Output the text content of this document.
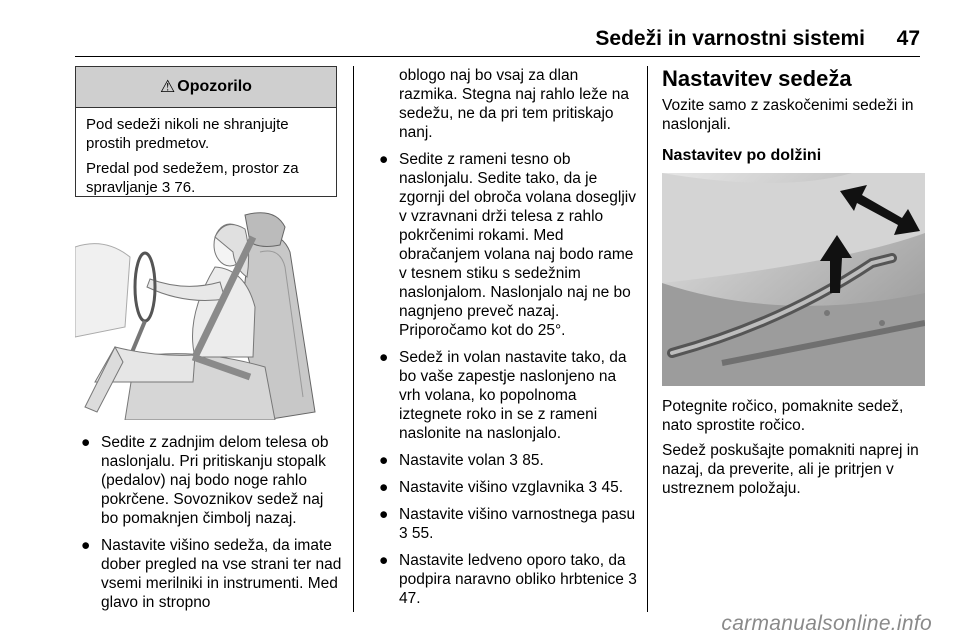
Sedeži in varnostni sistemi 47
⚠ Opozorilo

Pod sedeži nikoli ne shranjujte prostih predmetov.

Predal pod sedežem, prostor za spravljanje 3 76.

● Sedite z zadnjim delom telesa ob naslonjalu. Pri pritiskanju stopalk (pedalov) naj bodo noge rahlo pokrčene. Sovoznikov sedež naj bo pomaknjen čimbolj nazaj.
● Nastavite višino sedeža, da imate dober pregled na vse strani ter nad vsemi merilniki in instrumenti. Med glavo in stropno
oblogo naj bo vsaj za dlan razmika. Stegna naj rahlo ležе na sedežu, ne da pri tem pritiskajo nanj.
● Sedite z rameni tesno ob naslonjalu. Sedite tako, da je zgornji del obroča volana dosegljiv v vzravnani drži telesa z rahlo pokrčenimi rokami. Med obračanjem volana naj bodo rame v tesnem stiku s sedežnim naslonjalom. Naslonjalo naj ne bo nagnjeno preveč nazaj. Priporočamo kot do 25°.
● Sedež in volan nastavite tako, da bo vaše zapestje naslonjeno na vrh volana, ko popolnoma iztegnete roko in se z rameni naslonite na naslonjalo.
● Nastavite volan 3 85.
● Nastavite višino vzglavnika 3 45.
● Nastavite višino varnostnega pasu 3 55.
● Nastavite ledveno oporo tako, da podpira naravno obliko hrbtenice 3 47.
Nastavitev sedeža

Vozite samo z zaskočenimi sedeži in naslonjali.

Nastavitev po dolžini

Potegnite ročico, pomaknite sedež, nato sprostite ročico.

Sedež poskušajte pomakniti naprej in nazaj, da preverite, ali je pritrjen v ustreznem položaju.

carmanualsonline.info
